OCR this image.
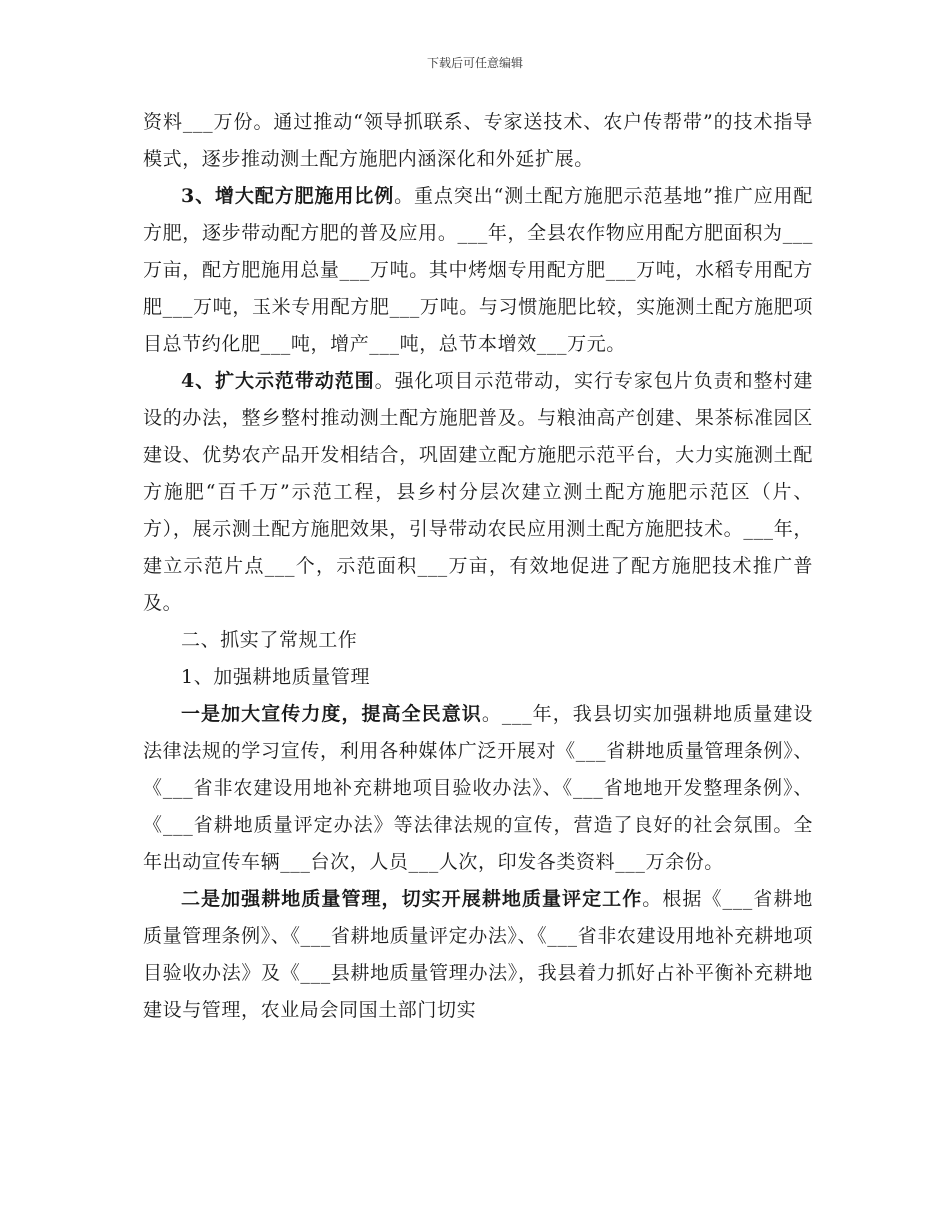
下载后可任意编辑

资料___万份。通过推动“领导抓联系、专家送技术、农户传帮带”的技术指导模式，逐步推动测土配方施肥内涵深化和外延扩展。

3、增大配方肥施用比例。重点突出“测土配方施肥示范基地”推广应用配方肥，逐步带动配方肥的普及应用。___年，全县农作物应用配方肥面积为___万亩，配方肥施用总量___万吨。其中烤烟专用配方肥___万吨，水稻专用配方肥___万吨，玉米专用配方肥___万吨。与习惯施肥比较，实施测土配方施肥项目总节约化肥___吨，增产___吨，总节本增效___万元。

4、扩大示范带动范围。强化项目示范带动，实行专家包片负责和整村建设的办法，整乡整村推动测土配方施肥普及。与粮油高产创建、果茶标准园区建设、优势农产品开发相结合，巩固建立配方施肥示范平台，大力实施测土配方施肥“百千万”示范工程，县乡村分层次建立测土配方施肥示范区（片、方），展示测土配方施肥效果，引导带动农民应用测土配方施肥技术。___年，建立示范片点___个，示范面积___万亩，有效地促进了配方施肥技术推广普及。

二、抓实了常规工作

1、加强耕地质量管理

一是加大宣传力度，提高全民意识。___年，我县切实加强耕地质量建设法律法规的学习宣传，利用各种媒体广泛开展对《___省耕地质量管理条例》、《___省非农建设用地补充耕地项目验收办法》、《___省地地开发整理条例》、《___省耕地质量评定办法》等法律法规的宣传，营造了良好的社会氛围。全年出动宣传车辆___台次，人员___人次，印发各类资料___万余份。

二是加强耕地质量管理，切实开展耕地质量评定工作。根据《___省耕地质量管理条例》、《___省耕地质量评定办法》、《___省非农建设用地补充耕地项目验收办法》及《___县耕地质量管理办法》，我县着力抓好占补平衡补充耕地建设与管理，农业局会同国土部门切实
